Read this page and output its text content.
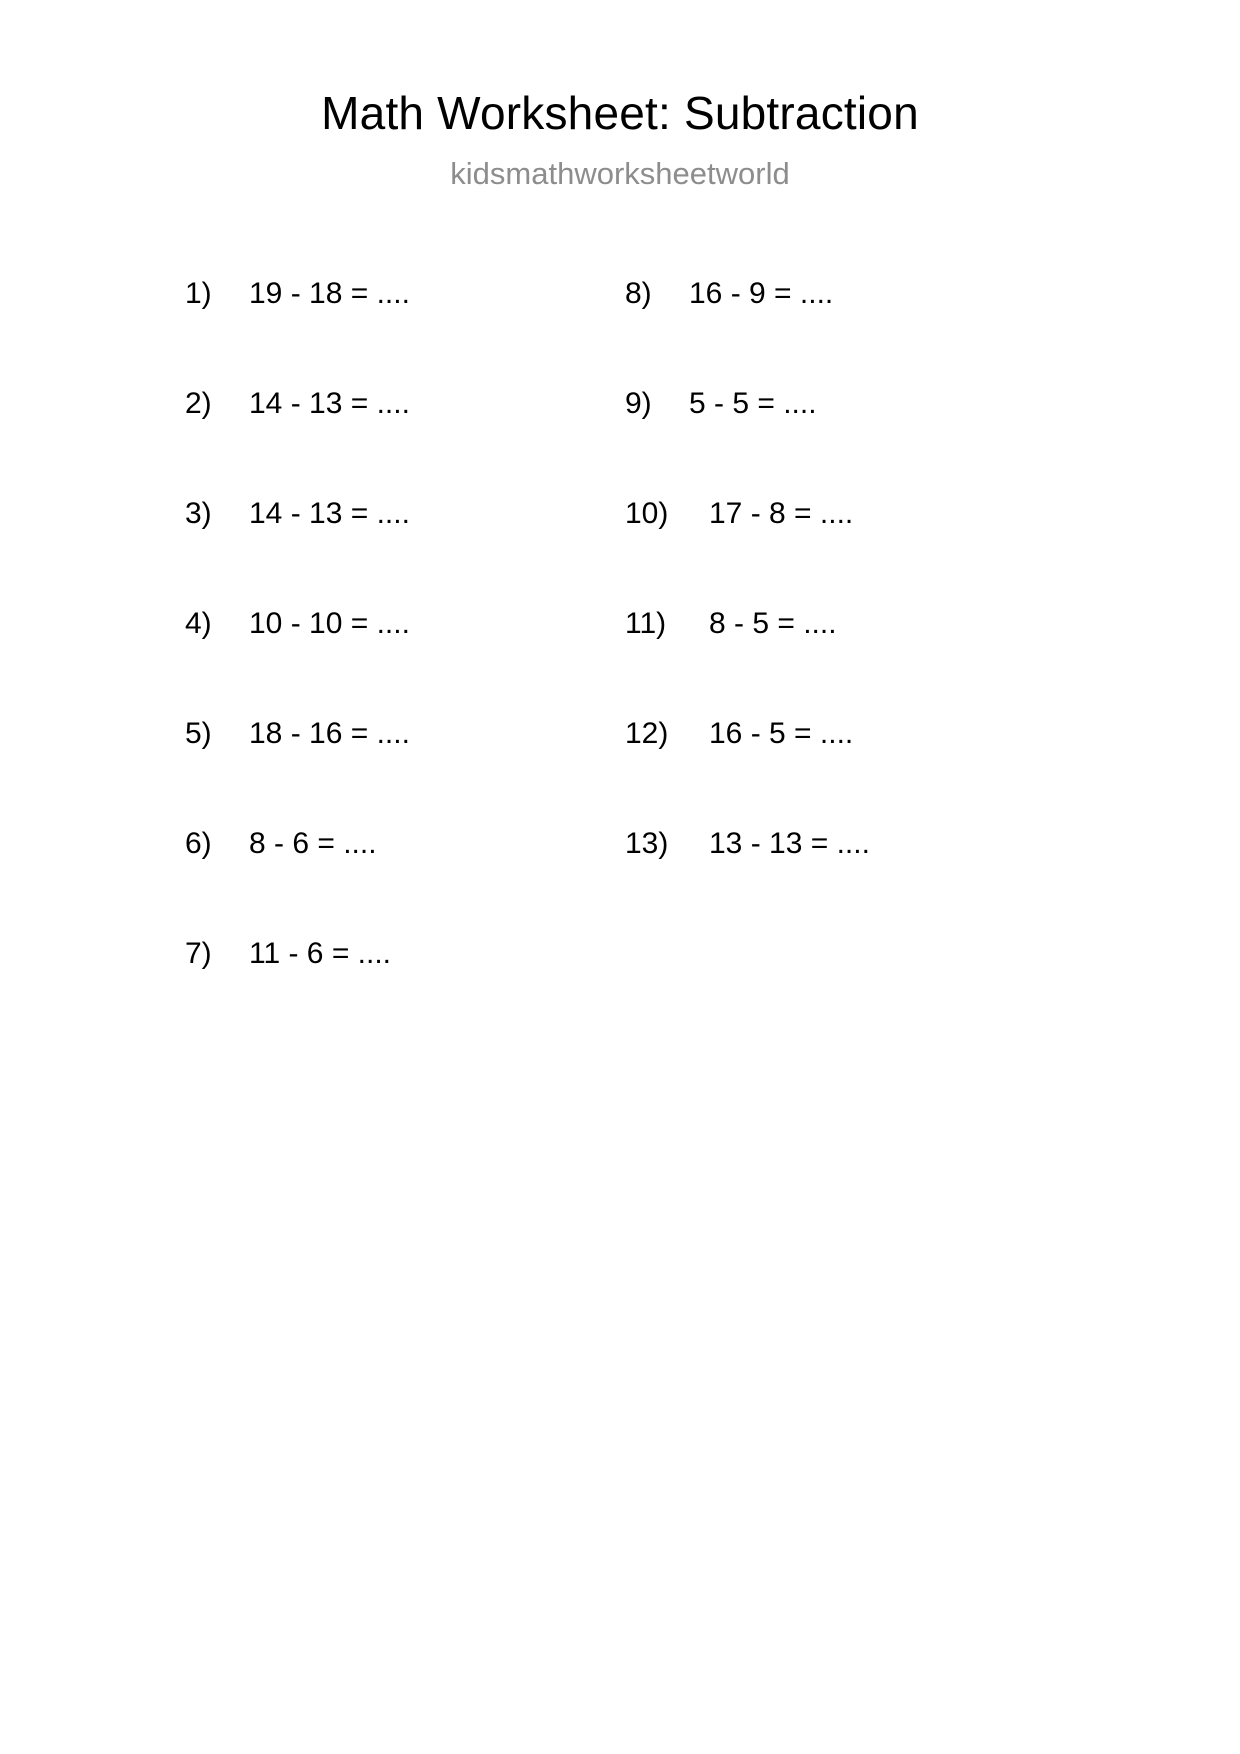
Math Worksheet: Subtraction
kidsmathworksheetworld
1)	19 - 18 = ....
2)	14 - 13 = ....
3)	14 - 13 = ....
4)	10 - 10 = ....
5)	18 - 16 = ....
6)	8 - 6 = ....
7)	11 - 6 = ....
8)	16 - 9 = ....
9)	5 - 5 = ....
10)	17 - 8 = ....
11)	8 - 5 = ....
12)	16 - 5 = ....
13)	13 - 13 = ....
